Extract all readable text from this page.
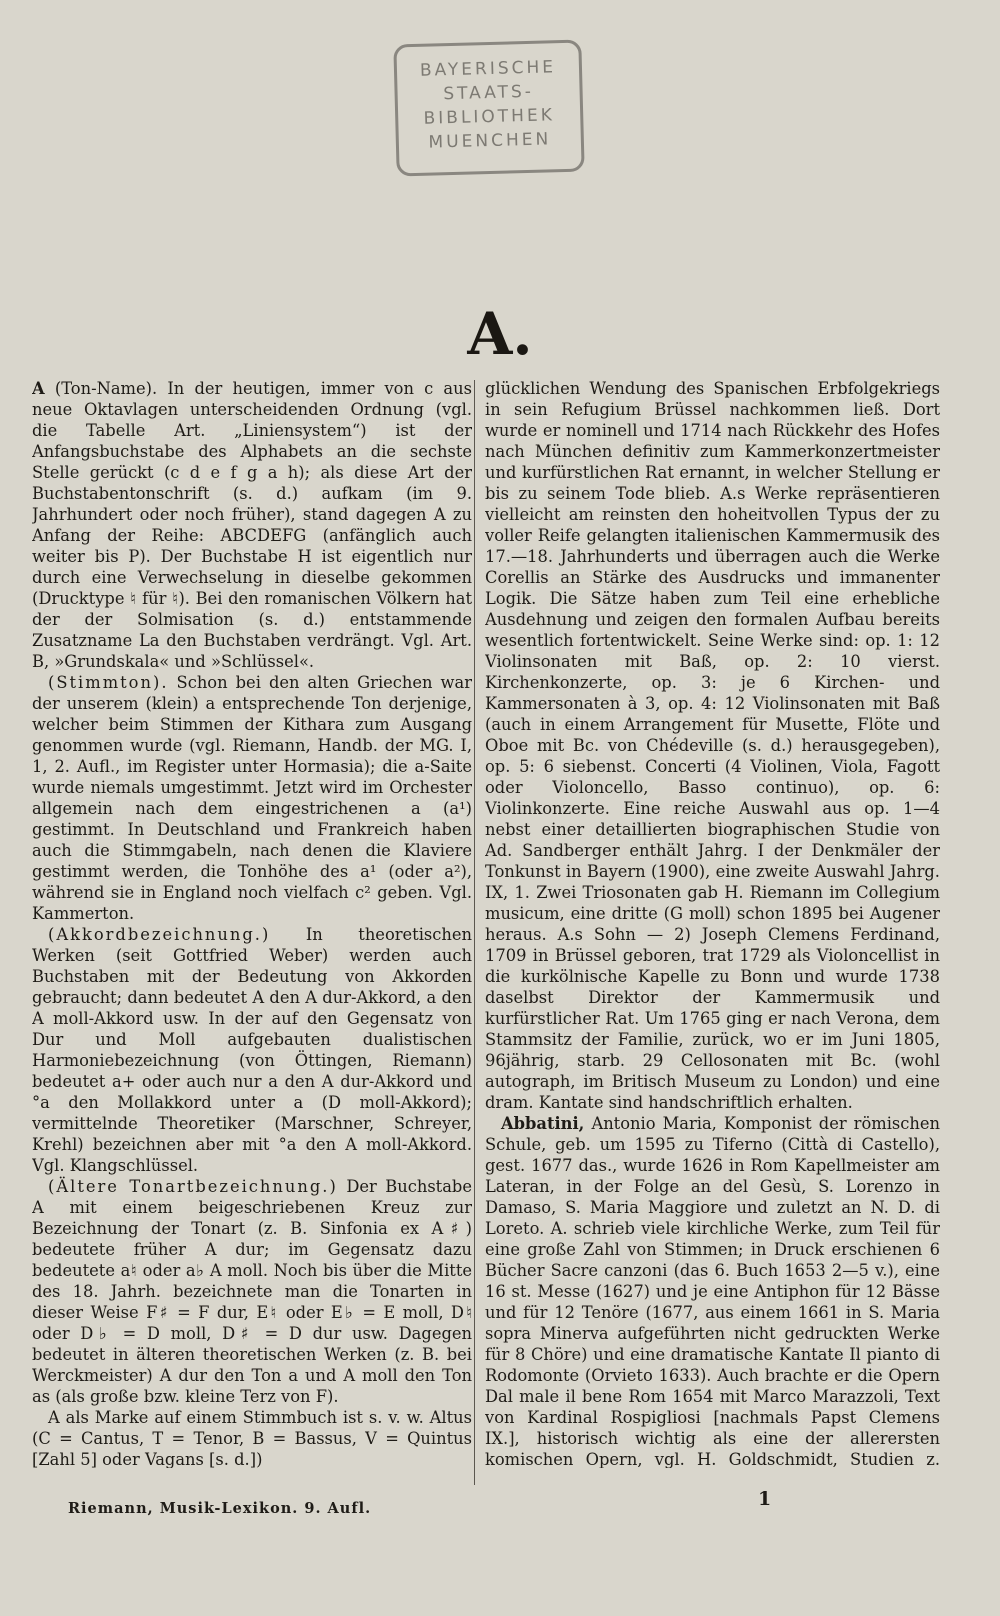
BAYERISCHE
STAATS-
BIBLIOTHEK
MUENCHEN
A.

A (Ton-Name). In der heutigen, immer von c aus neue Oktavlagen unterscheidenden Ordnung (vgl. die Tabelle Art. „Liniensystem“) ist der Anfangsbuchstabe des Alphabets an die sechste Stelle gerückt (c d e f g a h); als diese Art der Buchstabentonschrift (s. d.) aufkam (im 9. Jahrhundert oder noch früher), stand dagegen A zu Anfang der Reihe: ABCDEFG (anfänglich auch weiter bis P). Der Buchstabe H ist eigentlich nur durch eine Verwechselung in dieselbe gekommen (Drucktype ♮ für ♮). Bei den romanischen Völkern hat der der Solmisation (s. d.) entstammende Zusatzname La den Buchstaben verdrängt. Vgl. Art. B, »Grundskala« und »Schlüssel«.

(Stimmton). Schon bei den alten Griechen war der unserem (klein) a entsprechende Ton derjenige, welcher beim Stimmen der Kithara zum Ausgang genommen wurde (vgl. Riemann, Handb. der MG. I, 1, 2. Aufl., im Register unter Hormasia); die a-Saite wurde niemals umgestimmt. Jetzt wird im Orchester allgemein nach dem eingestrichenen a (a¹) gestimmt. In Deutschland und Frankreich haben auch die Stimmgabeln, nach denen die Klaviere gestimmt werden, die Tonhöhe des a¹ (oder a²), während sie in England noch vielfach c² geben. Vgl. Kammerton.

(Akkordbezeichnung.) In theoretischen Werken (seit Gottfried Weber) werden auch Buchstaben mit der Bedeutung von Akkorden gebraucht; dann bedeutet A den A dur-Akkord, a den A moll-Akkord usw. In der auf den Gegensatz von Dur und Moll aufgebauten dualistischen Harmoniebezeichnung (von Öttingen, Riemann) bedeutet a+ oder auch nur a den A dur-Akkord und °a den Mollakkord unter a (D moll-Akkord); vermittelnde Theoretiker (Marschner, Schreyer, Krehl) bezeichnen aber mit °a den A moll-Akkord. Vgl. Klangschlüssel.

(Ältere Tonartbezeichnung.) Der Buchstabe A mit einem beigeschriebenen Kreuz zur Bezeichnung der Tonart (z. B. Sinfonia ex A♯) bedeutete früher A dur; im Gegensatz dazu bedeutete a♮ oder a♭ A moll. Noch bis über die Mitte des 18. Jahrh. bezeichnete man die Tonarten in dieser Weise F♯ = F dur, E♮ oder E♭ = E moll, D♮ oder D♭ = D moll, D♯ = D dur usw. Dagegen bedeutet in älteren theoretischen Werken (z. B. bei Werckmeister) A dur den Ton a und A moll den Ton as (als große bzw. kleine Terz von F).

A als Marke auf einem Stimmbuch ist s. v. w. Altus (C = Cantus, T = Tenor, B = Bassus, V = Quintus [Zahl 5] oder Vagans [s. d.])

glücklichen Wendung des Spanischen Erbfolgekriegs in sein Refugium Brüssel nachkommen ließ. Dort wurde er nominell und 1714 nach Rückkehr des Hofes nach München definitiv zum Kammerkonzertmeister und kurfürstlichen Rat ernannt, in welcher Stellung er bis zu seinem Tode blieb. A.s Werke repräsentieren vielleicht am reinsten den hoheitvollen Typus der zu voller Reife gelangten italienischen Kammermusik des 17.—18. Jahrhunderts und überragen auch die Werke Corellis an Stärke des Ausdrucks und immanenter Logik. Die Sätze haben zum Teil eine erhebliche Ausdehnung und zeigen den formalen Aufbau bereits wesentlich fortentwickelt. Seine Werke sind: op. 1: 12 Violinsonaten mit Baß, op. 2: 10 vierst. Kirchenkonzerte, op. 3: je 6 Kirchen- und Kammersonaten à 3, op. 4: 12 Violinsonaten mit Baß (auch in einem Arrangement für Musette, Flöte und Oboe mit Bc. von Chédeville (s. d.) herausgegeben), op. 5: 6 siebenst. Concerti (4 Violinen, Viola, Fagott oder Violoncello, Basso continuo), op. 6: Violinkonzerte. Eine reiche Auswahl aus op. 1—4 nebst einer detaillierten biographischen Studie von Ad. Sandberger enthält Jahrg. I der Denkmäler der Tonkunst in Bayern (1900), eine zweite Auswahl Jahrg. IX, 1. Zwei Triosonaten gab H. Riemann im Collegium musicum, eine dritte (G moll) schon 1895 bei Augener heraus. A.s Sohn — 2) Joseph Clemens Ferdinand, 1709 in Brüssel geboren, trat 1729 als Violoncellist in die kurkölnische Kapelle zu Bonn und wurde 1738 daselbst Direktor der Kammermusik und kurfürstlicher Rat. Um 1765 ging er nach Verona, dem Stammsitz der Familie, zurück, wo er im Juni 1805, 96jährig, starb. 29 Cellosonaten mit Bc. (wohl autograph, im Britisch Museum zu London) und eine dram. Kantate sind handschriftlich erhalten.

Abbatini, Antonio Maria, Komponist der römischen Schule, geb. um 1595 zu Tiferno (Città di Castello), gest. 1677 das., wurde 1626 in Rom Kapellmeister am Lateran, in der Folge an del Gesù, S. Lorenzo in Damaso, S. Maria Maggiore und zuletzt an N. D. di Loreto. A. schrieb viele kirchliche Werke, zum Teil für eine große Zahl von Stimmen; in Druck erschienen 6 Bücher Sacre canzoni (das 6. Buch 1653 2—5 v.), eine 16 st. Messe (1627) und je eine Antiphon für 12 Bässe und für 12 Tenöre (1677, aus einem 1661 in S. Maria sopra Minerva aufgeführten nicht gedruckten Werke für 8 Chöre) und eine dramatische Kantate Il pianto di Rodomonte (Orvieto 1633). Auch brachte er die Opern Dal male il bene Rom 1654 mit Marco Marazzoli, Text von Kardinal Rospigliosi [nachmals Papst Clemens IX.], historisch wichtig als eine der allerersten komischen Opern, vgl. H. Goldschmidt, Studien z.

Riemann, Musik-Lexikon. 9. Aufl.	1
